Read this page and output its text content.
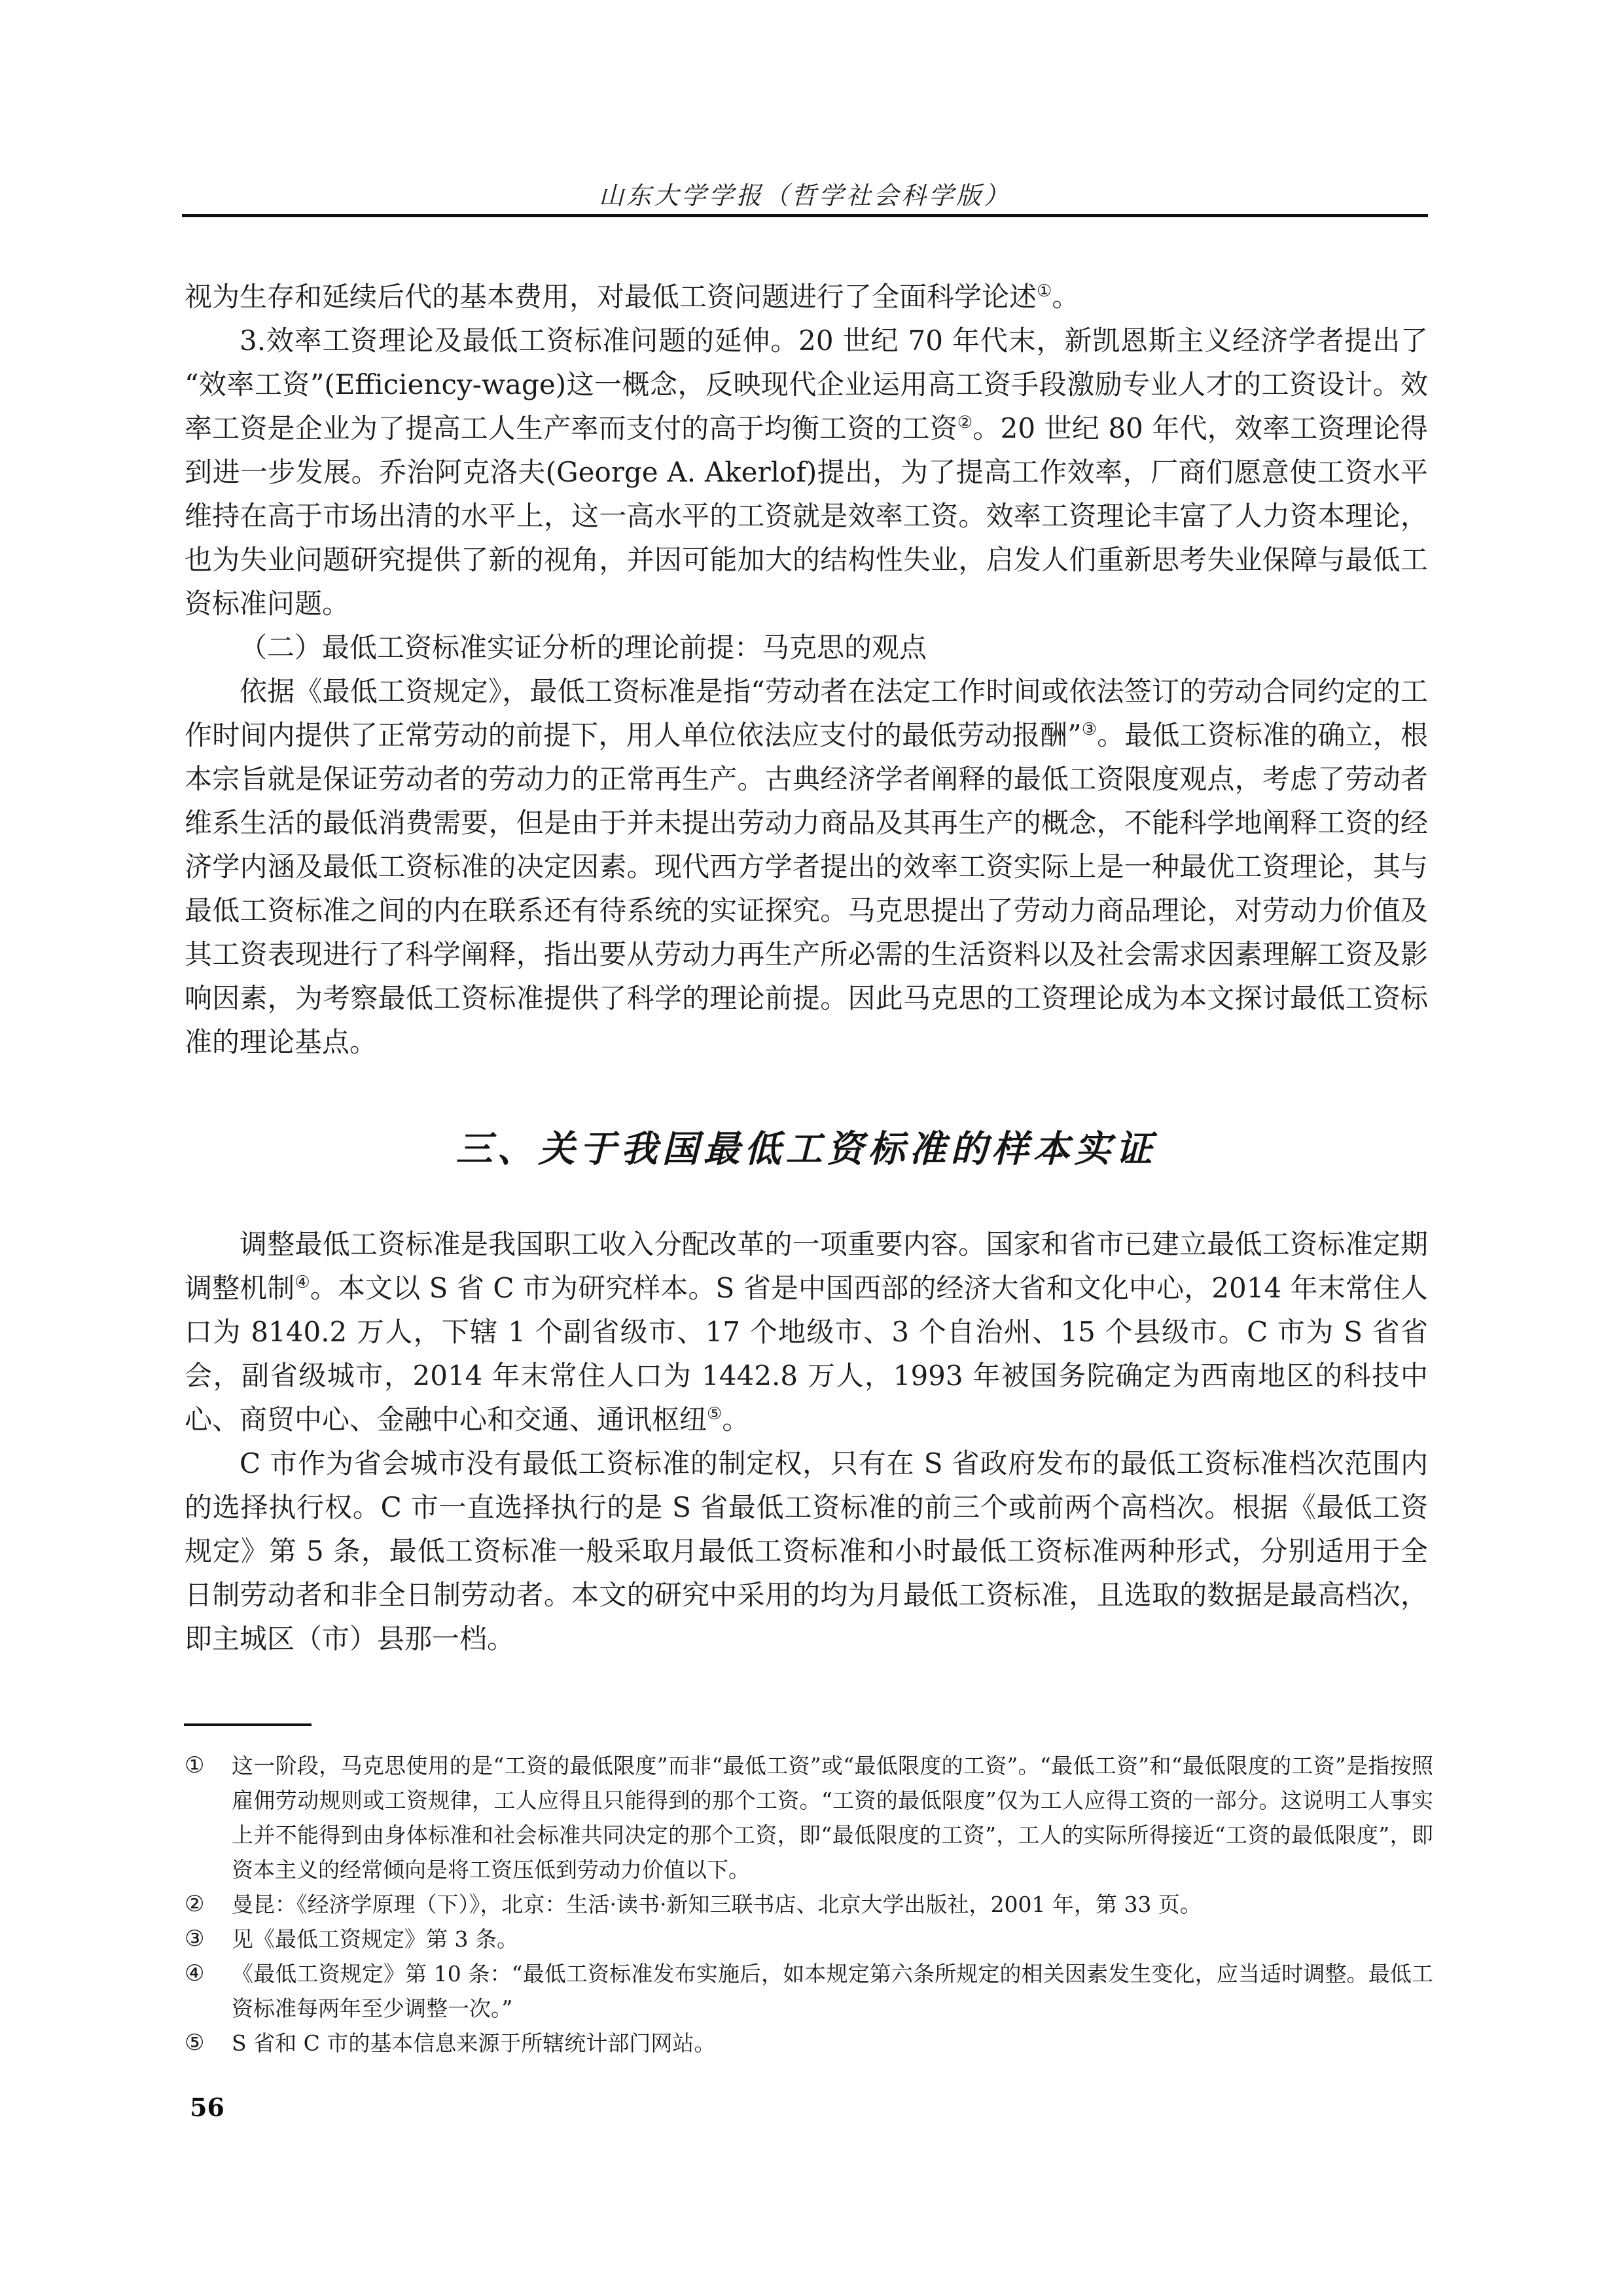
山东大学学报（哲学社会科学版）

视为生存和延续后代的基本费用，对最低工资问题进行了全面科学论述①。

3.效率工资理论及最低工资标准问题的延伸。20 世纪 70 年代末，新凯恩斯主义经济学者提出了“效率工资”(Efficiency-wage)这一概念，反映现代企业运用高工资手段激励专业人才的工资设计。效率工资是企业为了提高工人生产率而支付的高于均衡工资的工资②。20 世纪 80 年代，效率工资理论得到进一步发展。乔治阿克洛夫(George A. Akerlof)提出，为了提高工作效率，厂商们愿意使工资水平维持在高于市场出清的水平上，这一高水平的工资就是效率工资。效率工资理论丰富了人力资本理论，也为失业问题研究提供了新的视角，并因可能加大的结构性失业，启发人们重新思考失业保障与最低工资标准问题。

（二）最低工资标准实证分析的理论前提：马克思的观点

依据《最低工资规定》，最低工资标准是指“劳动者在法定工作时间或依法签订的劳动合同约定的工作时间内提供了正常劳动的前提下，用人单位依法应支付的最低劳动报酬”③。最低工资标准的确立，根本宗旨就是保证劳动者的劳动力的正常再生产。古典经济学者阐释的最低工资限度观点，考虑了劳动者维系生活的最低消费需要，但是由于并未提出劳动力商品及其再生产的概念，不能科学地阐释工资的经济学内涵及最低工资标准的决定因素。现代西方学者提出的效率工资实际上是一种最优工资理论，其与最低工资标准之间的内在联系还有待系统的实证探究。马克思提出了劳动力商品理论，对劳动力价值及其工资表现进行了科学阐释，指出要从劳动力再生产所必需的生活资料以及社会需求因素理解工资及影响因素，为考察最低工资标准提供了科学的理论前提。因此马克思的工资理论成为本文探讨最低工资标准的理论基点。

三、关于我国最低工资标准的样本实证

调整最低工资标准是我国职工收入分配改革的一项重要内容。国家和省市已建立最低工资标准定期调整机制④。本文以 S 省 C 市为研究样本。S 省是中国西部的经济大省和文化中心，2014 年末常住人口为 8140.2 万人，下辖 1 个副省级市、17 个地级市、3 个自治州、15 个县级市。C 市为 S 省省会，副省级城市，2014 年末常住人口为 1442.8 万人，1993 年被国务院确定为西南地区的科技中心、商贸中心、金融中心和交通、通讯枢纽⑤。

C 市作为省会城市没有最低工资标准的制定权，只有在 S 省政府发布的最低工资标准档次范围内的选择执行权。C 市一直选择执行的是 S 省最低工资标准的前三个或前两个高档次。根据《最低工资规定》第 5 条，最低工资标准一般采取月最低工资标准和小时最低工资标准两种形式，分别适用于全日制劳动者和非全日制劳动者。本文的研究中采用的均为月最低工资标准，且选取的数据是最高档次，即主城区（市）县那一档。

①	这一阶段，马克思使用的是“工资的最低限度”而非“最低工资”或“最低限度的工资”。“最低工资”和“最低限度的工资”是指按照雇佣劳动规则或工资规律，工人应得且只能得到的那个工资。“工资的最低限度”仅为工人应得工资的一部分。这说明工人事实上并不能得到由身体标准和社会标准共同决定的那个工资，即“最低限度的工资”，工人的实际所得接近“工资的最低限度”，即资本主义的经常倾向是将工资压低到劳动力价值以下。
②	曼昆：《经济学原理（下）》，北京：生活·读书·新知三联书店、北京大学出版社，2001 年，第 33 页。
③	见《最低工资规定》第 3 条。
④	《最低工资规定》第 10 条：“最低工资标准发布实施后，如本规定第六条所规定的相关因素发生变化，应当适时调整。最低工资标准每两年至少调整一次。”
⑤	S 省和 C 市的基本信息来源于所辖统计部门网站。
56
